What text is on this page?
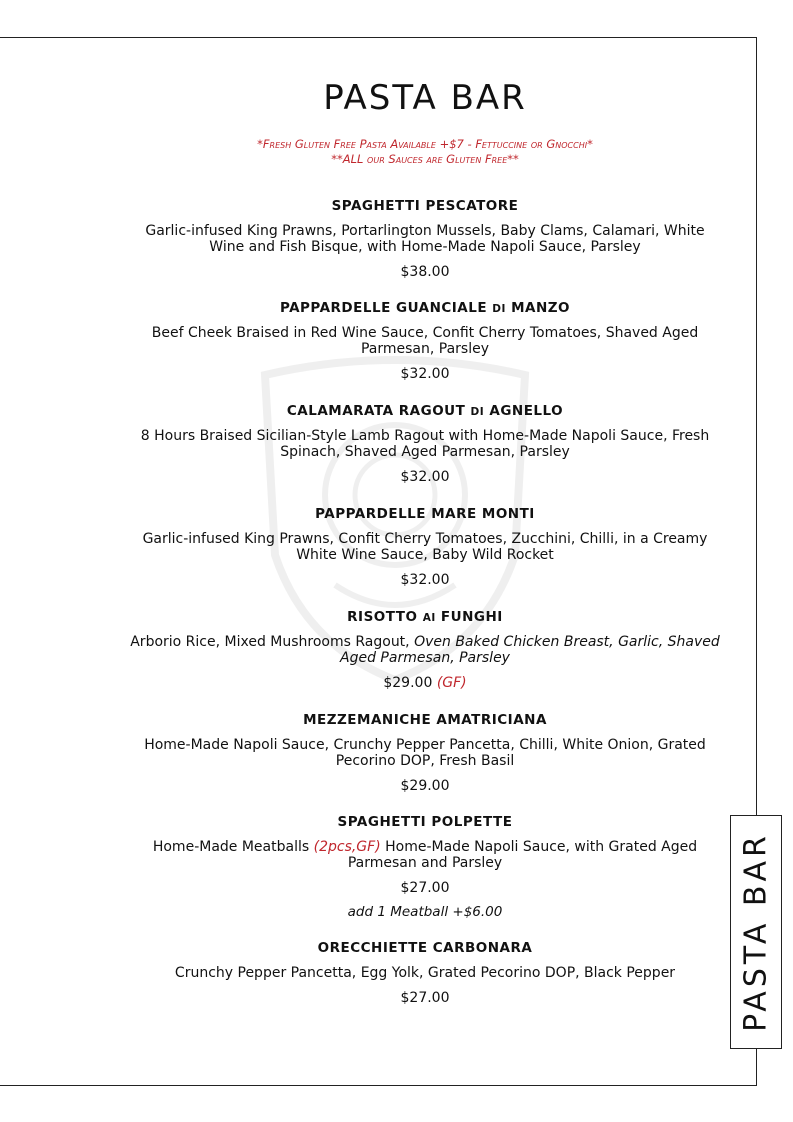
PASTA BAR
PASTA BAR
*Fresh Gluten Free Pasta Available +$7 - Fettuccine or Gnocchi*
**ALL our Sauces are Gluten Free**
SPAGHETTI PESCATORE
Garlic-infused King Prawns, Portarlington Mussels, Baby Clams, Calamari, White Wine and Fish Bisque, with Home-Made Napoli Sauce, Parsley
$38.00
PAPPARDELLE GUANCIALE DI MANZO
Beef Cheek Braised in Red Wine Sauce, Confit Cherry Tomatoes, Shaved Aged Parmesan, Parsley
$32.00
CALAMARATA RAGOUT DI AGNELLO
8 Hours Braised Sicilian-Style Lamb Ragout with Home-Made Napoli Sauce, Fresh Spinach, Shaved Aged Parmesan, Parsley
$32.00
PAPPARDELLE MARE MONTI
Garlic-infused King Prawns, Confit Cherry Tomatoes, Zucchini, Chilli, in a Creamy White Wine Sauce, Baby Wild Rocket
$32.00
RISOTTO AI FUNGHI
Arborio Rice, Mixed Mushrooms Ragout, Oven Baked Chicken Breast, Garlic, Shaved Aged Parmesan, Parsley
$29.00 (GF)
MEZZEMANICHE AMATRICIANA
Home-Made Napoli Sauce, Crunchy Pepper Pancetta, Chilli, White Onion, Grated Pecorino DOP, Fresh Basil
$29.00
SPAGHETTI POLPETTE
Home-Made Meatballs (2pcs,GF) Home-Made Napoli Sauce, with Grated Aged Parmesan and Parsley
$27.00
add 1 Meatball +$6.00
ORECCHIETTE CARBONARA
Crunchy Pepper Pancetta, Egg Yolk, Grated Pecorino DOP, Black Pepper
$27.00
